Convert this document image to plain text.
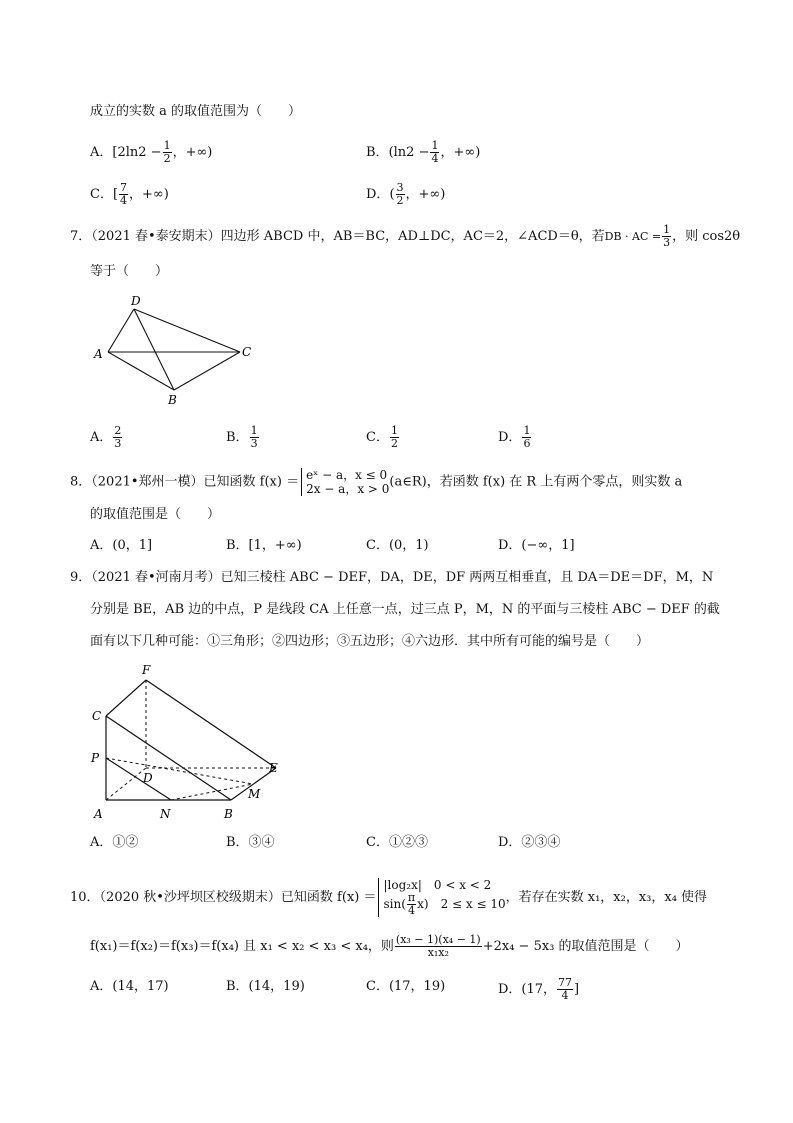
成立的实数 a 的取值范围为（　　）
A．[$2\ln 2 - \frac{1}{2}$ ，+∞)	B．($\ln 2 - \frac{1}{4}$ ，+∞)
C．[ $\frac{7}{4}$ ，+∞)	D．( $\frac{3}{2}$ ，+∞)
7．（2021 春•泰安期末）四边形 ABCD 中，AB＝BC，AD⊥DC，AC＝2，∠ACD＝θ，若DB · AC = $\frac{1}{3}$ ，则 cos2θ
等于（　　）
D
A	C
B
A． $\frac{2}{3}$	B． $\frac{1}{3}$	C． $\frac{1}{2}$	D． $\frac{1}{6}$
8．（2021•郑州一模）已知函数 f(x) ＝ eˣ − a，x ≤ 0
2x − a，x > 0 (a∈R)，若函数 f(x) 在 R 上有两个零点，则实数 a
的取值范围是（　　）
A．(0，1]	B．[1，+∞)	C．(0，1)	D．(−∞，1]
9．（2021 春•河南月考）已知三棱柱 ABC − DEF，DA，DE，DF 两两互相垂直，且 DA＝DE＝DF，M，N
分别是 BE，AB 边的中点，P 是线段 CA 上任意一点，过三点 P，M，N 的平面与三棱柱 ABC − DEF 的截
面有以下几种可能：①三角形；②四边形；③五边形；④六边形．其中所有可能的编号是（　　）
F
C
P
D
E
M
A	N	B
A．①②	B．③④	C．①②③	D．②③④
10．（2020 秋•沙坪坝区校级期末）已知函数 f(x) ＝
|log₂x|　0 < x < 2
$\sin( \frac{\pi}{4} x)$　2 ≤ x ≤ 10 ，若存在实数 x₁，x₂，x₃，x₄ 使得
f(x₁)＝f(x₂)＝f(x₃)＝f(x₄) 且 x₁ < x₂ < x₃ < x₄，则 $\frac{\text{(x₃ − 1)(x₄ − 1)}}{\text{x₁x₂}} +2x_4 - 5x_3$ 的取值范围是（　　）
A．(14，17)	B．(14，19)	C．(17，19)	D．(17， $\frac{77}{4}$ ]
